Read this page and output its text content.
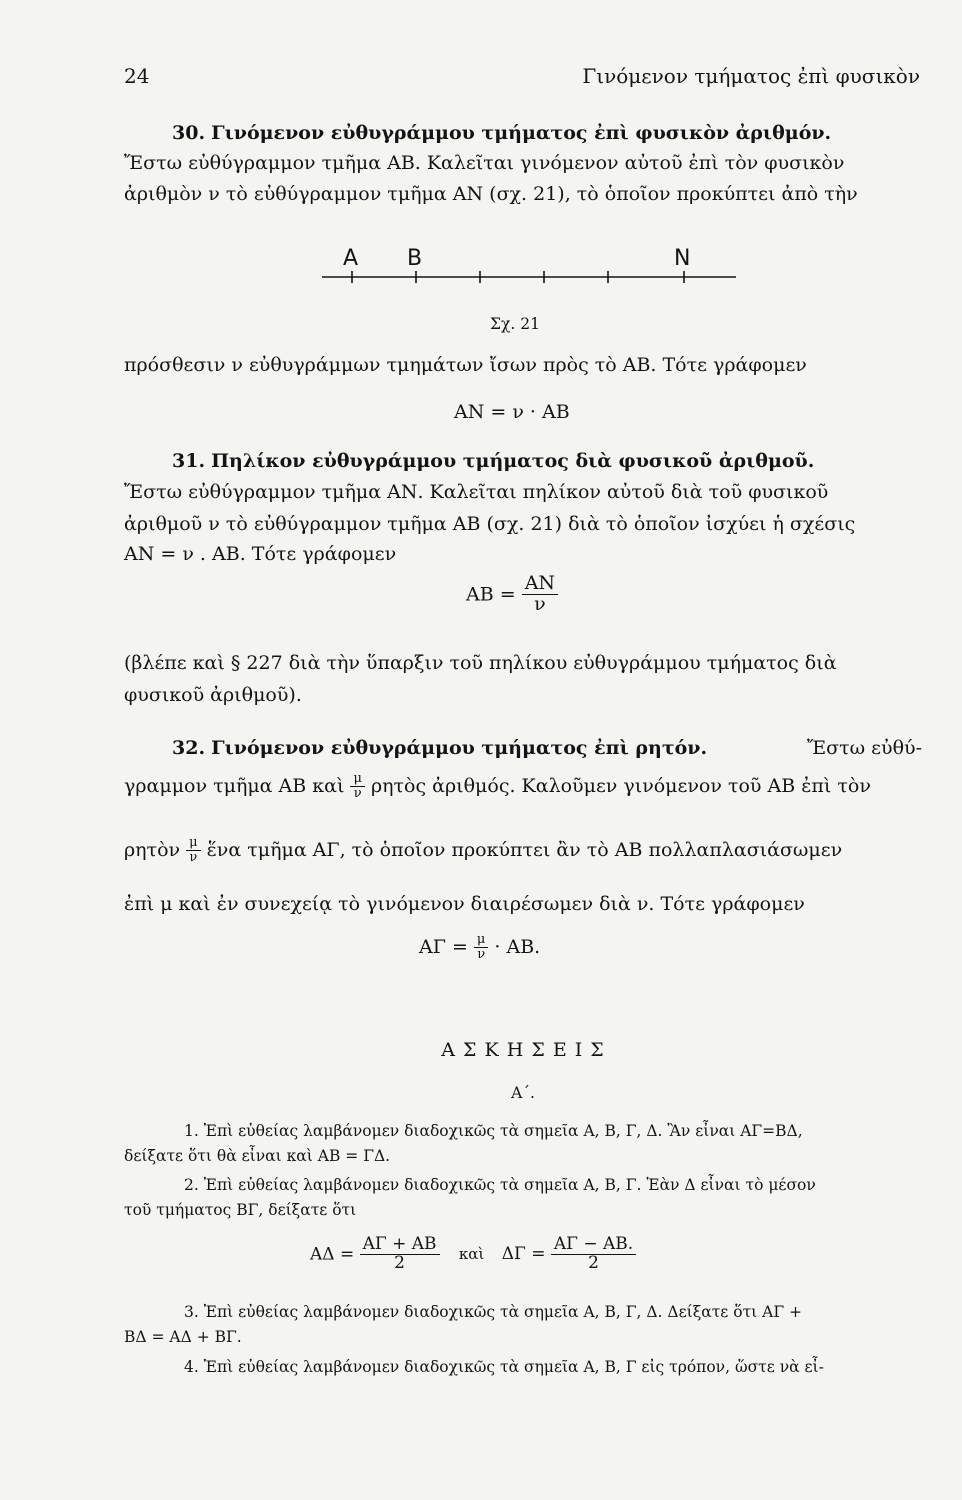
24	Γινόμενον τμήματος ἐπὶ φυσικὸν
30. Γινόμενον εὐθυγράμμου τμήματος ἐπὶ φυσικὸν ἀριθμόν.
Ἔστω εὐθύγραμμον τμῆμα ΑΒ. Καλεῖται γινόμενον αὐτοῦ ἐπὶ τὸν φυσικὸν
ἀριθμὸν ν τὸ εὐθύγραμμον τμῆμα ΑΝ (σχ. 21), τὸ ὁποῖον προκύπτει ἀπὸ τὴν
A B	N
Σχ. 21
πρόσθεσιν ν εὐθυγράμμων τμημάτων ἴσων πρὸς τὸ ΑΒ. Τότε γράφομεν
ΑΝ = ν · ΑΒ
31. Πηλίκον εὐθυγράμμου τμήματος διὰ φυσικοῦ ἀριθμοῦ.
Ἔστω εὐθύγραμμον τμῆμα ΑΝ. Καλεῖται πηλίκον αὐτοῦ διὰ τοῦ φυσικοῦ
ἀριθμοῦ ν τὸ εὐθύγραμμον τμῆμα ΑΒ (σχ. 21) διὰ τὸ ὁποῖον ἰσχύει ἡ σχέσις
ΑΝ = ν . ΑΒ. Τότε γράφομεν
$AB = \frac{AN}{\nu}$
(βλέπε καὶ § 227 διὰ τὴν ὕπαρξιν τοῦ πηλίκου εὐθυγράμμου τμήματος διὰ
φυσικοῦ ἀριθμοῦ).
32. Γινόμενον εὐθυγράμμου τμήματος ἐπὶ ρητόν.	Ἔστω εὐθύ-
γραμμον τμῆμα ΑΒ καὶ $\frac{\mu}{\nu}$ ρητὸς ἀριθμός. Καλοῦμεν γινόμενον τοῦ ΑΒ ἐπὶ τὸν
ρητὸν $\frac{\mu}{\nu}$ ἕνα τμῆμα ΑΓ, τὸ ὁποῖον προκύπτει ἂν τὸ ΑΒ πολλαπλασιάσωμεν
ἐπὶ μ καὶ ἐν συνεχείᾳ τὸ γινόμενον διαιρέσωμεν διὰ ν. Τότε γράφομεν
$A\Gamma = \frac{\mu}{\nu} \cdot AB$.
Α Σ Κ Η Σ Ε Ι Σ
Α΄.
1. Ἐπὶ εὐθείας λαμβάνομεν διαδοχικῶς τὰ σημεῖα Α, Β, Γ, Δ. Ἂν εἶναι ΑΓ=ΒΔ,
δείξατε ὅτι θὰ εἶναι καὶ ΑΒ = ΓΔ.
2. Ἐπὶ εὐθείας λαμβάνομεν διαδοχικῶς τὰ σημεῖα Α, Β, Γ. Ἐὰν Δ εἶναι τὸ μέσον
τοῦ τμήματος ΒΓ, δείξατε ὅτι
$A\Delta = \frac{A\Gamma + AB}{2}$ καὶ $\Delta\Gamma = \frac{A\Gamma - AB.}{2}$
3. Ἐπὶ εὐθείας λαμβάνομεν διαδοχικῶς τὰ σημεῖα Α, Β, Γ, Δ. Δείξατε ὅτι ΑΓ +
ΒΔ = ΑΔ + ΒΓ.
4. Ἐπὶ εὐθείας λαμβάνομεν διαδοχικῶς τὰ σημεῖα Α, Β, Γ εἰς τρόπον, ὥστε νὰ εἶ-
